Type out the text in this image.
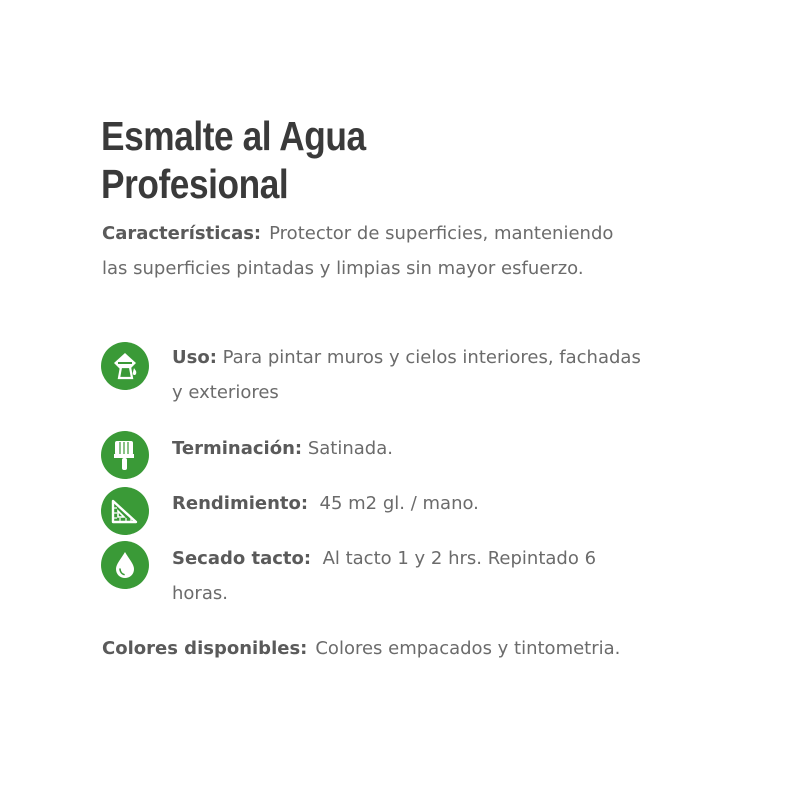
Esmalte al Agua
Profesional

Características: Protector de superficies, manteniendo las superficies pintadas y limpias sin mayor esfuerzo.

Uso: Para pintar muros y cielos interiores, fachadas y exteriores
Terminación: Satinada.
Rendimiento: 45 m2 gl. / mano.
Secado tacto: Al tacto 1 y 2 hrs. Repintado 6 horas.

Colores disponibles: Colores empacados y tintometria.
